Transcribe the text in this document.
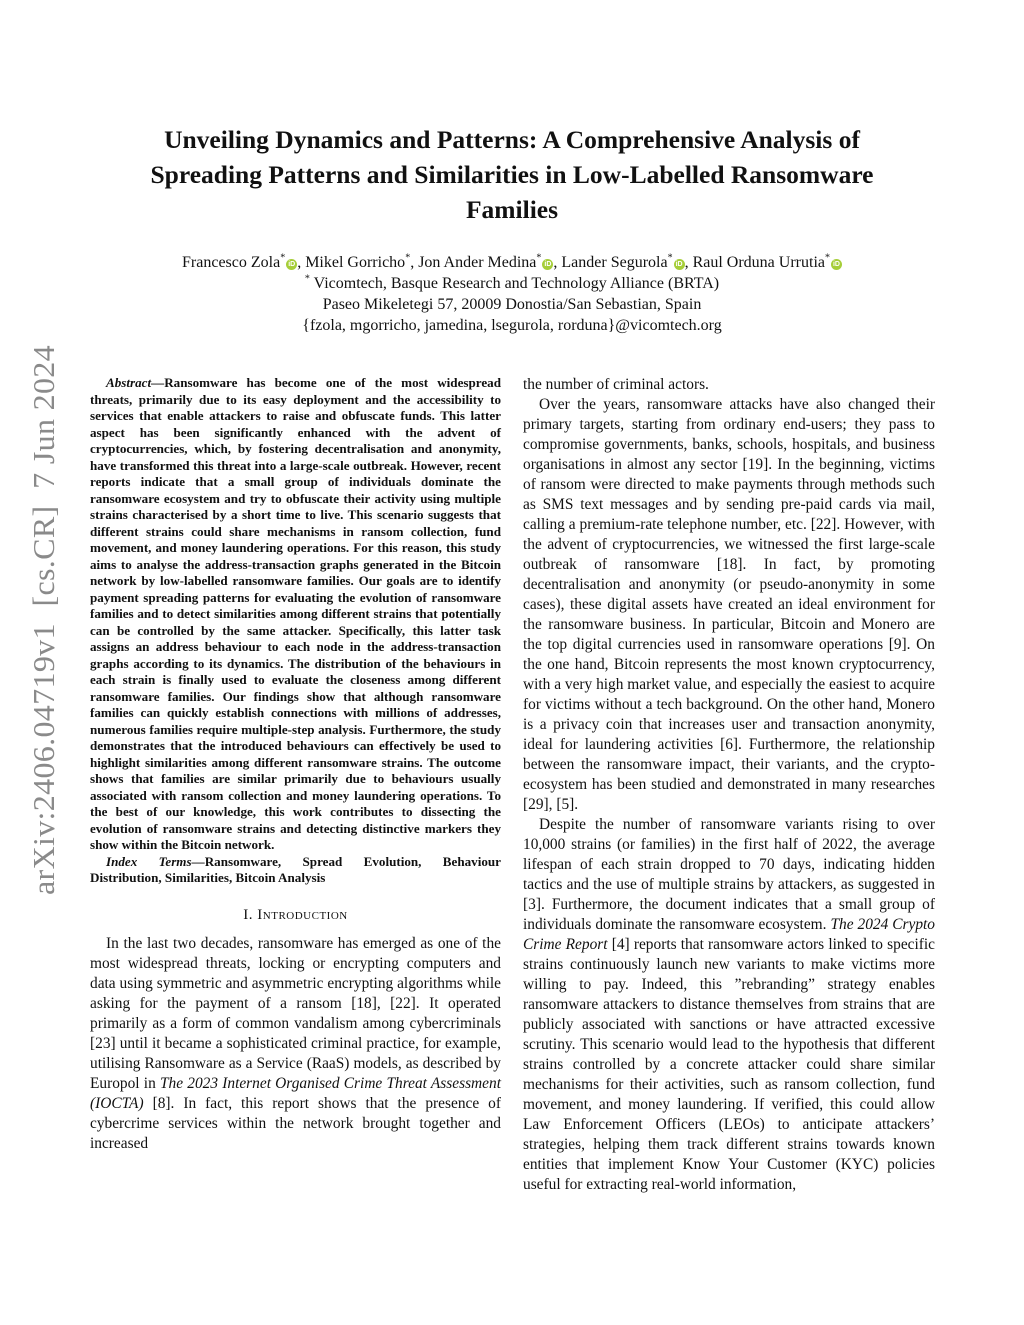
arXiv:2406.04719v1  [cs.CR]  7 Jun 2024
Unveiling Dynamics and Patterns: A Comprehensive Analysis of
Spreading Patterns and Similarities in Low-Labelled Ransomware
Families
Francesco Zola*iD , Mikel Gorricho*, Jon Ander Medina*iD , Lander Segurola*iD , Raul Orduna Urrutia*iD
* Vicomtech, Basque Research and Technology Alliance (BRTA)
Paseo Mikeletegi 57, 20009 Donostia/San Sebastian, Spain
{fzola, mgorricho, jamedina, lsegurola, rorduna}@vicomtech.org

Abstract—Ransomware has become one of the most widespread threats, primarily due to its easy deployment and the accessibility to services that enable attackers to raise and obfuscate funds. This latter aspect has been significantly enhanced with the advent of cryptocurrencies, which, by fostering decentralisation and anonymity, have transformed this threat into a large-scale outbreak. However, recent reports indicate that a small group of individuals dominate the ransomware ecosystem and try to obfuscate their activity using multiple strains characterised by a short time to live. This scenario suggests that different strains could share mechanisms in ransom collection, fund movement, and money laundering operations. For this reason, this study aims to analyse the address-transaction graphs generated in the Bitcoin network by low-labelled ransomware families. Our goals are to identify payment spreading patterns for evaluating the evolution of ransomware families and to detect similarities among different strains that potentially can be controlled by the same attacker. Specifically, this latter task assigns an address behaviour to each node in the address-transaction graphs according to its dynamics. The distribution of the behaviours in each strain is finally used to evaluate the closeness among different ransomware families. Our findings show that although ransomware families can quickly establish connections with millions of addresses, numerous families require multiple-step analysis. Furthermore, the study demonstrates that the introduced behaviours can effectively be used to highlight similarities among different ransomware strains. The outcome shows that families are similar primarily due to behaviours usually associated with ransom collection and money laundering operations. To the best of our knowledge, this work contributes to dissecting the evolution of ransomware strains and detecting distinctive markers they show within the Bitcoin network.

Index Terms—Ransomware, Spread Evolution, Behaviour Distribution, Similarities, Bitcoin Analysis

I. Introduction

In the last two decades, ransomware has emerged as one of the most widespread threats, locking or encrypting computers and data using symmetric and asymmetric encrypting algorithms while asking for the payment of a ransom [18], [22]. It operated primarily as a form of common vandalism among cybercriminals [23] until it became a sophisticated criminal practice, for example, utilising Ransomware as a Service (RaaS) models, as described by Europol in The 2023 Internet Organised Crime Threat Assessment (IOCTA) [8]. In fact, this report shows that the presence of cybercrime services within the network brought together and increased

the number of criminal actors.

Over the years, ransomware attacks have also changed their primary targets, starting from ordinary end-users; they pass to compromise governments, banks, schools, hospitals, and business organisations in almost any sector [19]. In the beginning, victims of ransom were directed to make payments through methods such as SMS text messages and by sending pre-paid cards via mail, calling a premium-rate telephone number, etc. [22]. However, with the advent of cryptocurrencies, we witnessed the first large-scale outbreak of ransomware [18]. In fact, by promoting decentralisation and anonymity (or pseudo-anonymity in some cases), these digital assets have created an ideal environment for the ransomware business. In particular, Bitcoin and Monero are the top digital currencies used in ransomware operations [9]. On the one hand, Bitcoin represents the most known cryptocurrency, with a very high market value, and especially the easiest to acquire for victims without a tech background. On the other hand, Monero is a privacy coin that increases user and transaction anonymity, ideal for laundering activities [6]. Furthermore, the relationship between the ransomware impact, their variants, and the crypto-ecosystem has been studied and demonstrated in many researches [29], [5].

Despite the number of ransomware variants rising to over 10,000 strains (or families) in the first half of 2022, the average lifespan of each strain dropped to 70 days, indicating hidden tactics and the use of multiple strains by attackers, as suggested in [3]. Furthermore, the document indicates that a small group of individuals dominate the ransomware ecosystem. The 2024 Crypto Crime Report [4] reports that ransomware actors linked to specific strains continuously launch new variants to make victims more willing to pay. Indeed, this ”rebranding” strategy enables ransomware attackers to distance themselves from strains that are publicly associated with sanctions or have attracted excessive scrutiny. This scenario would lead to the hypothesis that different strains controlled by a concrete attacker could share similar mechanisms for their activities, such as ransom collection, fund movement, and money laundering. If verified, this could allow Law Enforcement Officers (LEOs) to anticipate attackers’ strategies, helping them track different strains towards known entities that implement Know Your Customer (KYC) policies useful for extracting real-world information,
